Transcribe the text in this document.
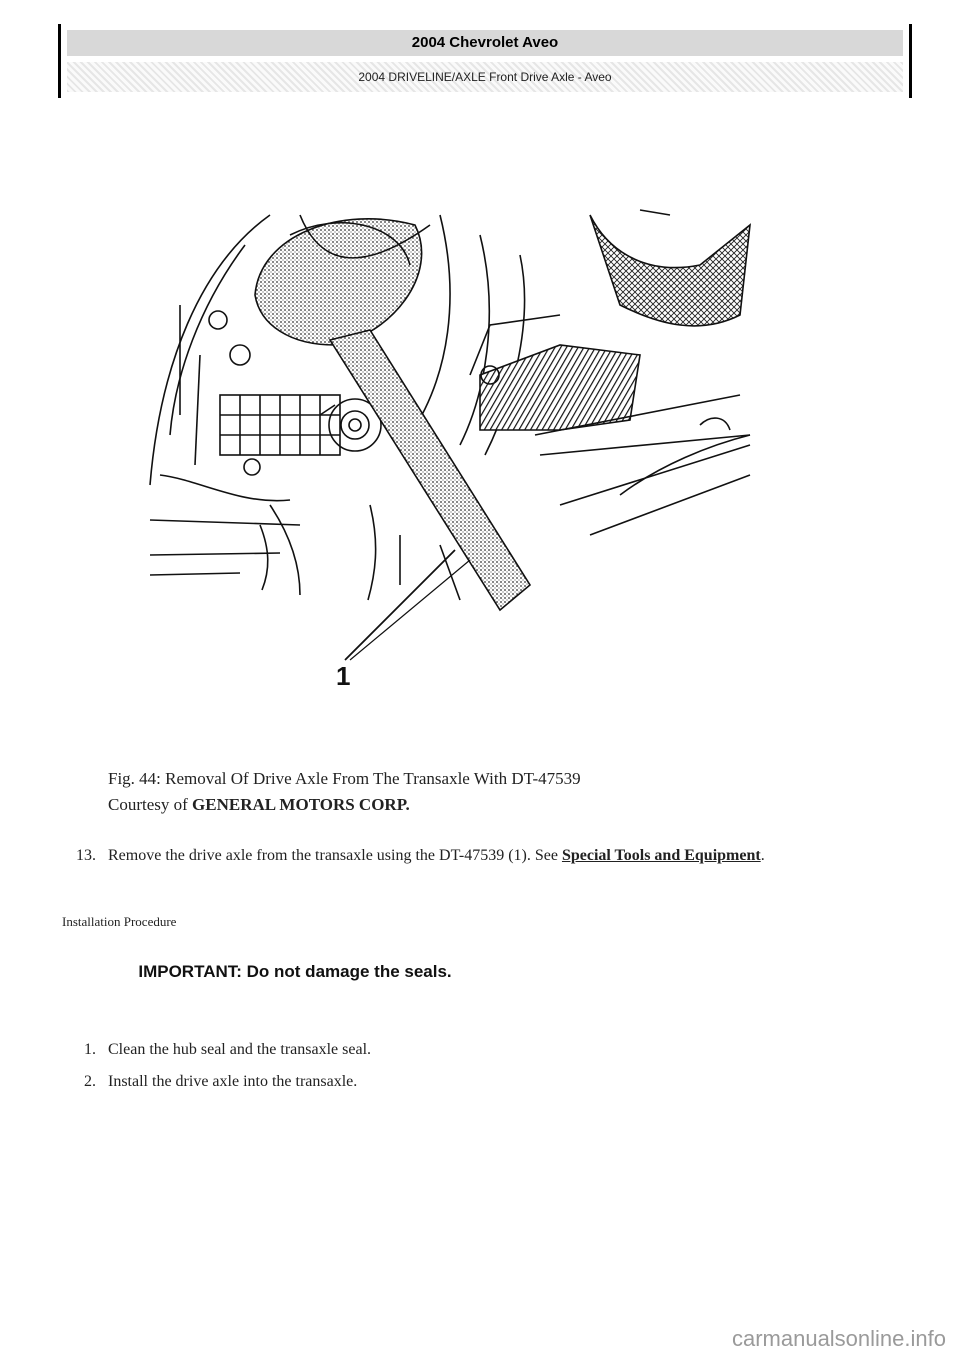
2004 Chevrolet Aveo
2004 DRIVELINE/AXLE Front Drive Axle - Aveo
1
Fig. 44: Removal Of Drive Axle From The Transaxle With DT-47539
Courtesy of GENERAL MOTORS CORP.
13. Remove the drive axle from the transaxle using the DT-47539 (1). See Special Tools and Equipment.
Installation Procedure
IMPORTANT: Do not damage the seals.
1. Clean the hub seal and the transaxle seal.
2. Install the drive axle into the transaxle.
carmanualsonline.info
